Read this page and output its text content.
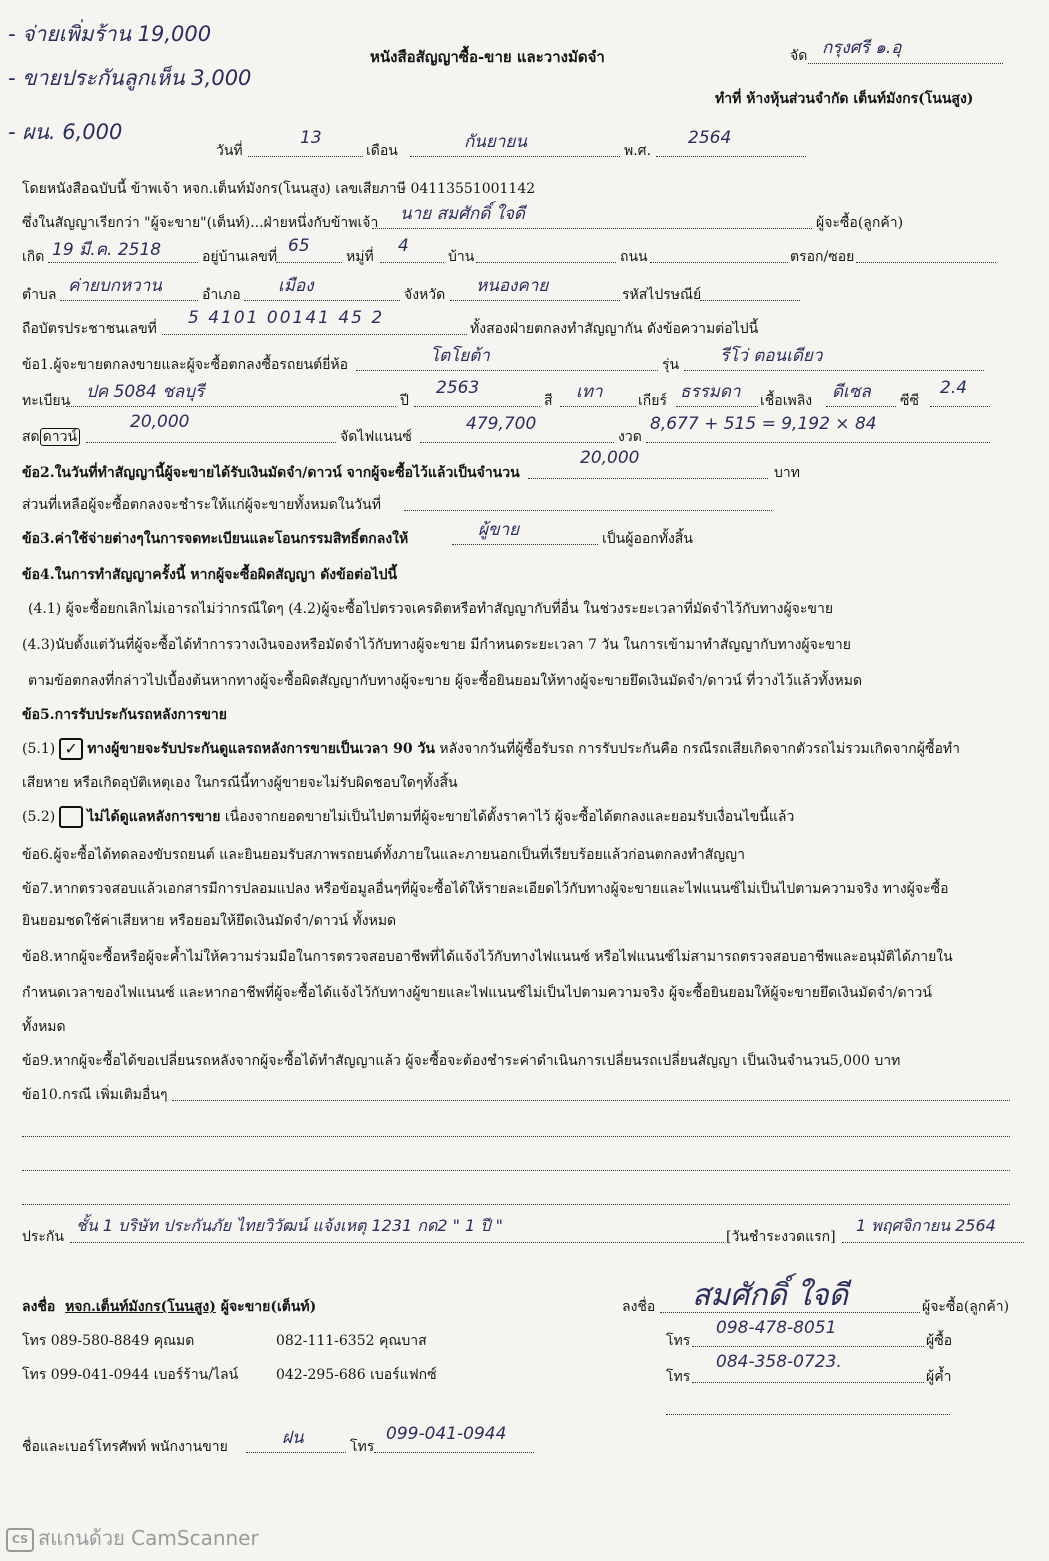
- จ่ายเพิ่มร้าน 19,000
- ขายประกันลูกเห็น 3,000
- ผน. 6,000
หนังสือสัญญาซื้อ-ขาย และวางมัดจำ	จัด กรุงศรี ๑.อุ
ทำที่ ห้างหุ้นส่วนจำกัด เต็นท์มังกร(โนนสูง)
วันที่
13
เดือน	กันยายน	พ.ศ.
2564
โดยหนังสือฉบับนี้ ข้าพเจ้า หจก.เต็นท์มังกร(โนนสูง) เลขเสียภาษี 04113551001142
ซึ่งในสัญญาเรียกว่า "ผู้จะขาย"(เต็นท์)...ฝ่ายหนึ่งกับข้าพเจ้า นาย สมศักดิ์ ใจดี	ผู้จะซื้อ(ลูกค้า)
เกิด 19 มี.ค. 2518	อยู่บ้านเลขที่
65
หมู่ที่
4
บ้าน	ถนน	ตรอก/ซอย
ตำบล ค่ายบกหวาน	อำเภอ เมือง	จังหวัด หนองคาย	รหัสไปรษณีย์
ถือบัตรประชาชนเลขที่
5 4101 00141 45 2
ทั้งสองฝ่ายตกลงทำสัญญากัน ดังข้อความต่อไปนี้
ข้อ1.ผู้จะขายตกลงขายและผู้จะซื้อตกลงซื้อรถยนต์ยี่ห้อ	โตโยต้า	รุ่น รีโว่ ตอนเดียว
ทะเบียน ปค 5084 ชลบุรี	ปี
2563
สี เทา	เกียร์ ธรรมดา เชื้อเพลิง ดีเซล ซีซี
2.4
สด ดาวน์
20,000
จัดไฟแนนซ์
479,700
งวด
8,677 + 515 = 9,192 × 84
ข้อ2.ในวันที่ทำสัญญานี้ผู้จะขายได้รับเงินมัดจำ/ดาวน์ จากผู้จะซื้อไว้แล้วเป็นจำนวน
20,000
บาท
ส่วนที่เหลือผู้จะซื้อตกลงจะชำระให้แก่ผู้จะขายทั้งหมดในวันที่
ข้อ3.ค่าใช้จ่ายต่างๆในการจดทะเบียนและโอนกรรมสิทธิ์ตกลงให้	ผู้ขาย	เป็นผู้ออกทั้งสิ้น
ข้อ4.ในการทำสัญญาครั้งนี้ หากผู้จะซื้อผิดสัญญา ดังข้อต่อไปนี้
(4.1) ผู้จะซื้อยกเลิกไม่เอารถไม่ว่ากรณีใดๆ (4.2)ผู้จะซื้อไปตรวจเครดิตหรือทำสัญญากับที่อื่น ในช่วงระยะเวลาที่มัดจำไว้กับทางผู้จะขาย
(4.3)นับตั้งแต่วันที่ผู้จะซื้อได้ทำการวางเงินจองหรือมัดจำไว้กับทางผู้จะขาย มีกำหนดระยะเวลา 7 วัน ในการเข้ามาทำสัญญากับทางผู้จะขาย
ตามข้อตกลงที่กล่าวไปเบื้องต้นหากทางผู้จะซื้อผิดสัญญากับทางผู้จะขาย ผู้จะซื้อยินยอมให้ทางผู้จะขายยึดเงินมัดจำ/ดาวน์ ที่วางไว้แล้วทั้งหมด
ข้อ5.การรับประกันรถหลังการขาย
(5.1) ✓ ทางผู้ขายจะรับประกันดูแลรถหลังการขายเป็นเวลา 90 วัน หลังจากวันที่ผู้ซื้อรับรถ การรับประกันคือ กรณีรถเสียเกิดจากตัวรถไม่รวมเกิดจากผู้ซื้อทำ
เสียหาย หรือเกิดอุบัติเหตุเอง ในกรณีนี้ทางผู้ขายจะไม่รับผิดชอบใดๆทั้งสิ้น
(5.2) ไม่ได้ดูแลหลังการขาย เนื่องจากยอดขายไม่เป็นไปตามที่ผู้จะขายได้ตั้งราคาไว้ ผู้จะซื้อได้ตกลงและยอมรับเงื่อนไขนี้แล้ว
ข้อ6.ผู้จะซื้อได้ทดลองขับรถยนต์ และยินยอมรับสภาพรถยนต์ทั้งภายในและภายนอกเป็นที่เรียบร้อยแล้วก่อนตกลงทำสัญญา
ข้อ7.หากตรวจสอบแล้วเอกสารมีการปลอมแปลง หรือข้อมูลอื่นๆที่ผู้จะซื้อได้ให้รายละเอียดไว้กับทางผู้จะขายและไฟแนนซ์ไม่เป็นไปตามความจริง ทางผู้จะซื้อ
ยินยอมชดใช้ค่าเสียหาย หรือยอมให้ยึดเงินมัดจำ/ดาวน์ ทั้งหมด
ข้อ8.หากผู้จะซื้อหรือผู้จะค้ำไม่ให้ความร่วมมือในการตรวจสอบอาชีพที่ได้แจ้งไว้กับทางไฟแนนซ์ หรือไฟแนนซ์ไม่สามารถตรวจสอบอาชีพและอนุมัติได้ภายใน
กำหนดเวลาของไฟแนนซ์ และหากอาชีพที่ผู้จะซื้อได้แจ้งไว้กับทางผู้ขายและไฟแนนซ์ไม่เป็นไปตามความจริง ผู้จะซื้อยินยอมให้ผู้จะขายยึดเงินมัดจำ/ดาวน์
ทั้งหมด
ข้อ9.หากผู้จะซื้อได้ขอเปลี่ยนรถหลังจากผู้จะซื้อได้ทำสัญญาแล้ว ผู้จะซื้อจะต้องชำระค่าดำเนินการเปลี่ยนรถเปลี่ยนสัญญา เป็นเงินจำนวน5,000 บาท
ข้อ10.กรณี เพิ่มเติมอื่นๆ
ประกัน
ชั้น 1 บริษัท ประกันภัย ไทยวิวัฒน์ แจ้งเหตุ 1231 กด2 " 1 ปี "
[วันชำระงวดแรก]
1 พฤศจิกายน 2564
ลงชื่อ หจก.เต็นท์มังกร(โนนสูง) ผู้จะขาย(เต็นท์)	ลงชื่อ สมศักดิ์ ใจดี	ผู้จะซื้อ(ลูกค้า)
โทร 089-580-8849 คุณมด	082-111-6352 คุณบาส
โทร 099-041-0944 เบอร์ร้าน/ไลน์	042-295-686 เบอร์แฟกซ์
โทร
098-478-8051
ผู้ซื้อ
โทร
084-358-0723.
ผู้ค้ำ
ชื่อและเบอร์โทรศัพท์ พนักงานขาย	ฝน	โทร
099-041-0944
CS สแกนด้วย CamScanner
